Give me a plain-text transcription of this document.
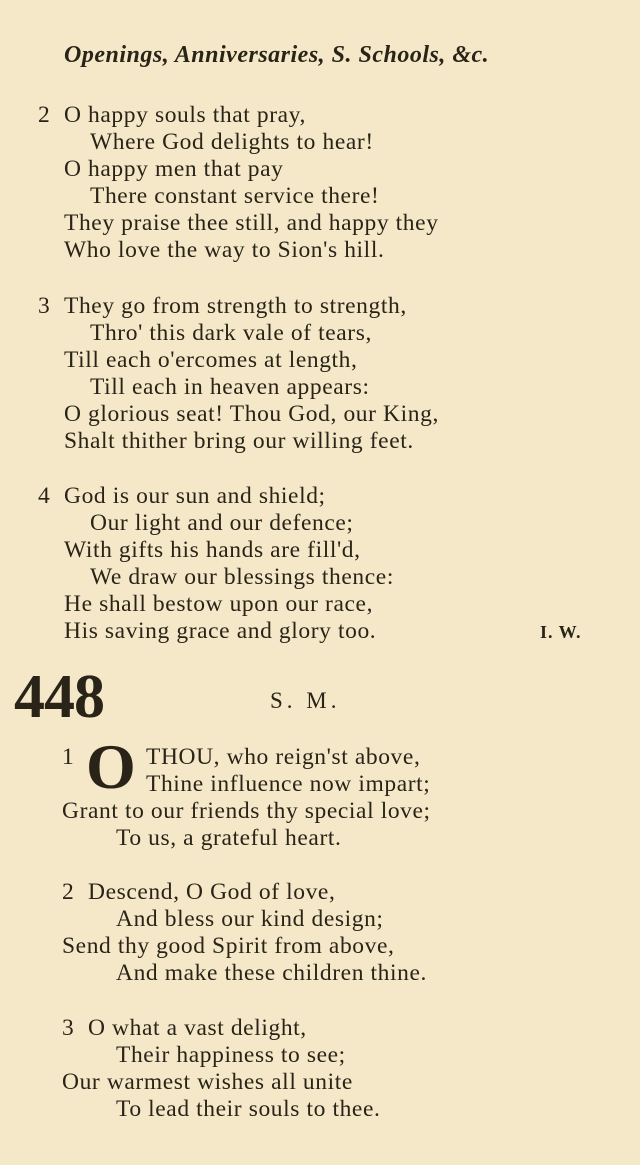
Openings, Anniversaries, S. Schools, &c.
2 O happy souls that pray,
Where God delights to hear!
O happy men that pay
There constant service there!
They praise thee still, and happy they
Who love the way to Sion's hill.
3 They go from strength to strength,
Thro' this dark vale of tears,
Till each o'ercomes at length,
Till each in heaven appears:
O glorious seat! Thou God, our King,
Shalt thither bring our willing feet.
4 God is our sun and shield;
Our light and our defence;
With gifts his hands are fill'd,
We draw our blessings thence:
He shall bestow upon our race,
His saving grace and glory too.	I. W.
448	S. M.
1 O THOU, who reign'st above,
Thine influence now impart;
Grant to our friends thy special love;
To us, a grateful heart.
2 Descend, O God of love,
And bless our kind design;
Send thy good Spirit from above,
And make these children thine.
3 O what a vast delight,
Their happiness to see;
Our warmest wishes all unite
To lead their souls to thee.
